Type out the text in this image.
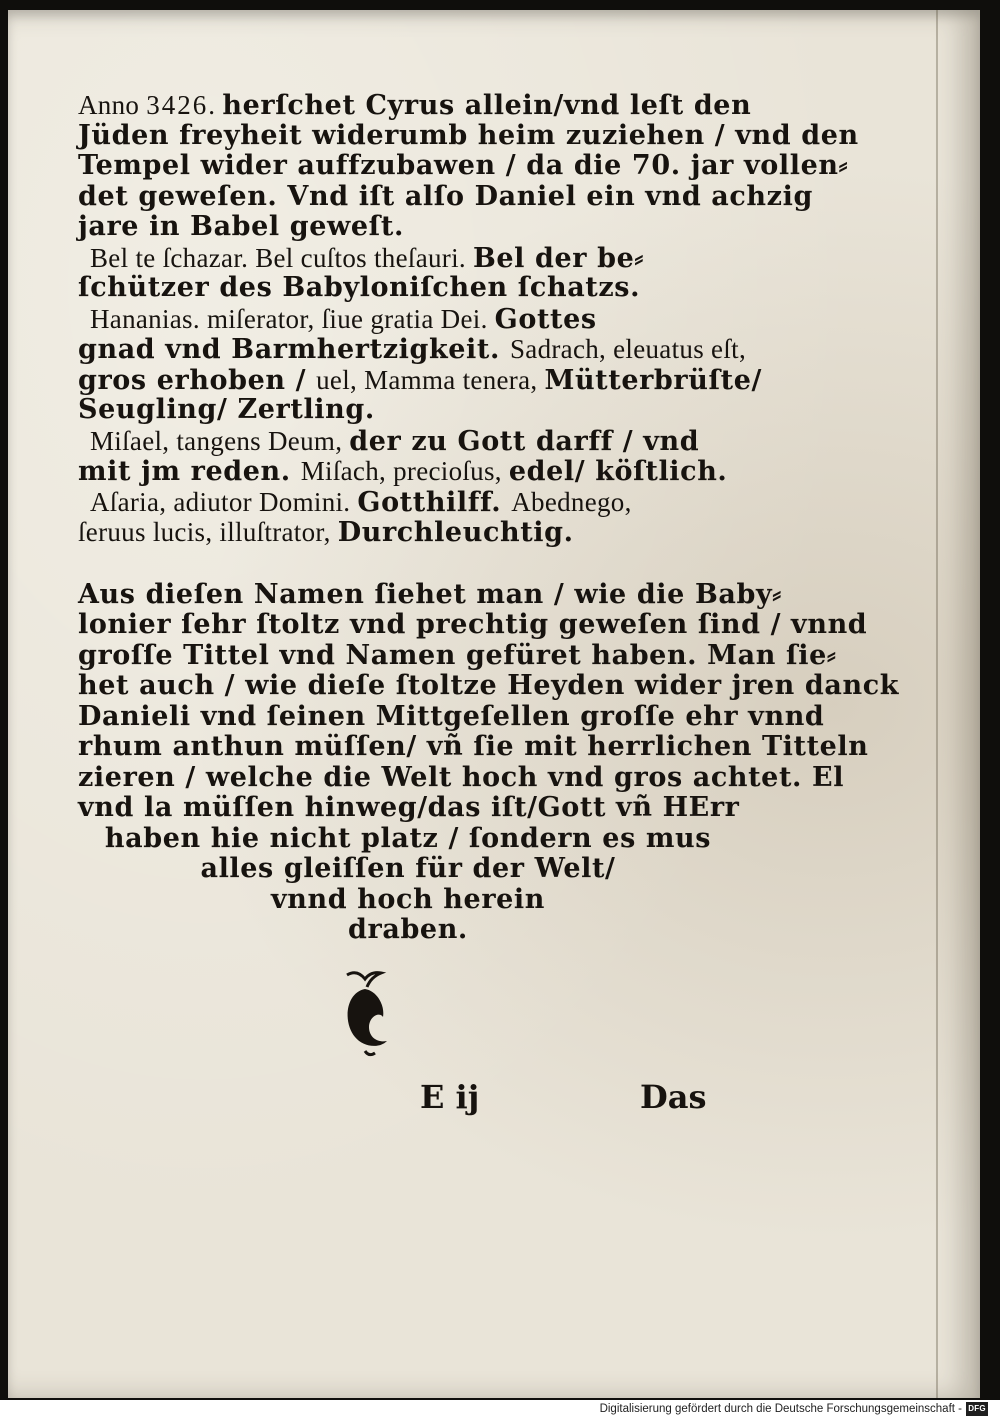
Anno 3426. herſchet Cyrus allein/vnd leſt den
Jüden freyheit widerumb heim zuziehen / vnd den
Tempel wider auffzubawen / da die 70. jar vollen⸗
det geweſen. Vnd iſt alſo Daniel ein vnd achzig
jare in Babel geweſt.
Bel te ſchazar. Bel cuſtos theſauri. Bel der be⸗
ſchützer des Babyloniſchen ſchatzs.
Hananias. miſerator, ſiue gratia Dei. Gottes
gnad vnd Barmhertzigkeit. Sadrach, eleuatus eſt,
gros erhoben / uel, Mamma tenera, Mütterbrüſte/
Seugling/ Zertling.
Miſael, tangens Deum, der zu Gott darff / vnd
mit jm reden. Miſach, precioſus, edel/ köſtlich.
Aſaria, adiutor Domini. Gotthilff. Abednego,
ſeruus lucis, illuſtrator, Durchleuchtig.
Aus dieſen Namen ſiehet man / wie die Baby⸗
lonier ſehr ſtoltz vnd prechtig geweſen ſind / vnnd
groſſe Tittel vnd Namen gefüret haben. Man ſie⸗
het auch / wie dieſe ſtoltze Heyden wider jren danck
Danieli vnd ſeinen Mittgeſellen groſſe ehr vnnd
rhum anthun müſſen/ vñ ſie mit herrlichen Titteln
zieren / welche die Welt hoch vnd gros achtet. El
vnd la müſſen hinweg/das iſt/Gott vñ HErr
haben hie nicht platz / ſondern es mus
alles gleiſſen für der Welt/
vnnd hoch herein
draben.
E ij	Das
Digitalisierung gefördert durch die Deutsche Forschungsgemeinschaft - DFG
